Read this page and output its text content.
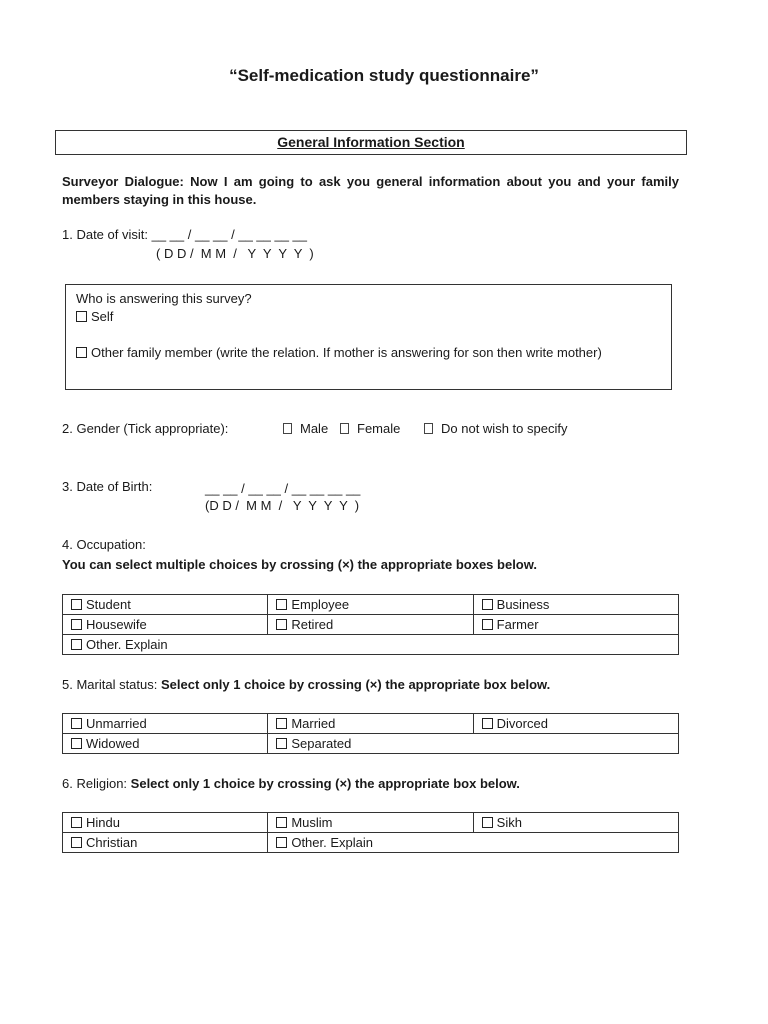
“Self-medication study questionnaire”
General Information Section
Surveyor Dialogue: Now I am going to ask you general information about you and your family members staying in this house.
1. Date of visit: __ __ / __ __ / __ __ __ __
( D D /  M M  /   Y  Y  Y  Y  )
Who is answering this survey?
Self
Other family member (write the relation. If mother is answering for son then write mother)
2. Gender (Tick appropriate):	Male	Female	Do not wish to specify
3. Date of Birth:	__ __ / __ __ / __ __ __ __
(D D /  M M  /   Y  Y  Y  Y  )
4. Occupation:
You can select multiple choices by crossing (×) the appropriate boxes below.
Student	Employee	Business
Housewife	Retired	Farmer
Other. Explain		
5. Marital status: Select only 1 choice by crossing (×) the appropriate box below.
Unmarried	Married	Divorced
Widowed	Separated	
6. Religion: Select only 1 choice by crossing (×) the appropriate box below.
Hindu	Muslim	Sikh
Christian	Other. Explain	
